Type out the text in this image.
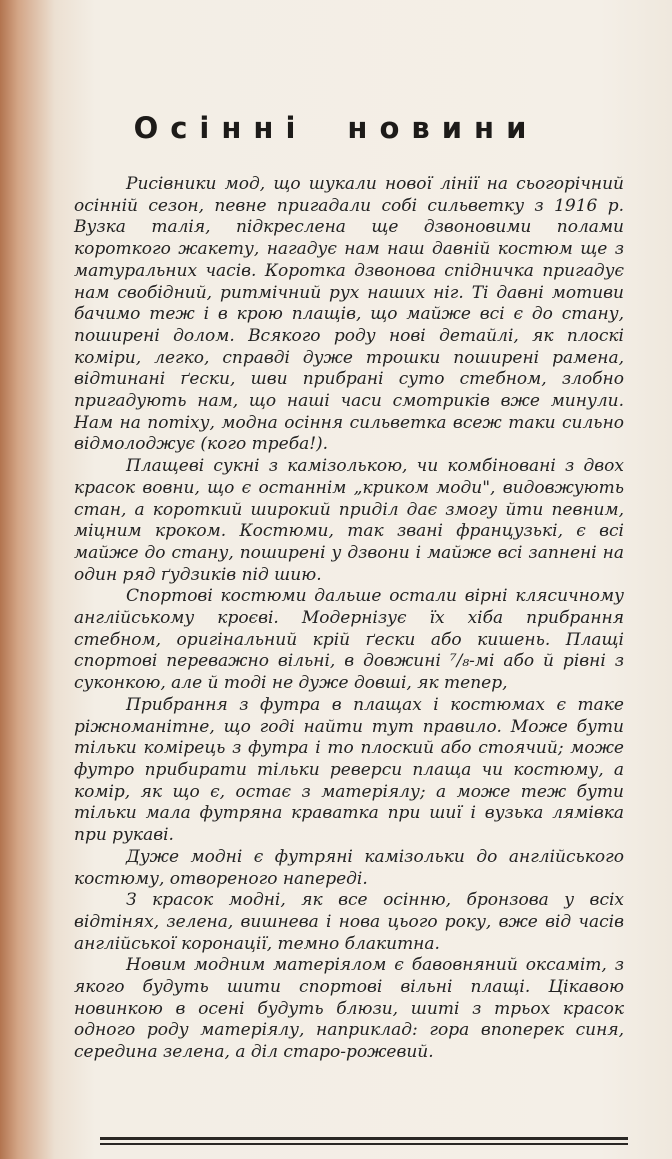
Осінні новини

Рисівники мод, що шукали нової лінії на сьогорічний осінній сезон, певне пригадали собі сильветку з 1916 р. Вузка талія, підкреслена ще дзвоновими полами короткого жакету, нагадує нам наш давній костюм ще з матуральних часів. Коротка дзвонова спідничка пригадує нам свобідний, ритмічний рух наших ніг. Ті давні мотиви бачимо теж і в крою плащів, що майже всі є до стану, поширені долом. Всякого роду нові детайлі, як плоскі коміри, легко, справді дуже трошки поширені рамена, відтинані ґески, шви прибрані суто стебном, злобно пригадують нам, що наші часи смотриків вже минули. Нам на потіху, модна осіння сильветка всеж таки сильно відмолоджує (кого треба!).

Плащеві сукні з камізолькою, чи комбіновані з двох красок вовни, що є останнім „криком моди", видовжують стан, а короткий широкий приділ дає змогу йти певним, міцним кроком. Костюми, так звані французькі, є всі майже до стану, поширені у дзвони і майже всі запнені на один ряд ґудзиків під шию.

Спортові костюми дальше остали вірні клясичному англійському кроєві. Модернізує їх хіба прибрання стебном, оригінальний крій ґески або кишень. Плащі спортові переважно вільні, в довжині ⁷/₈-мі або й рівні з суконкою, але й тоді не дуже довші, як тепер,

Прибрання з футра в плащах і костюмах є таке ріжноманітне, що годі найти тут правило. Може бути тільки комірець з футра і то плоский або стоячий; може футро прибирати тільки реверси плаща чи костюму, а комір, як що є, остає з матеріялу; а може теж бути тільки мала футряна краватка при шиї і вузька лямівка при рукаві.

Дуже модні є футряні камізольки до англійського костюму, отвореного напереді.

З красок модні, як все осінню, бронзова у всіх відтінях, зелена, вишнева і нова цього року, вже від часів англійської коронації, темно блакитна.

Новим модним матеріялом є бавовняний оксаміт, з якого будуть шити спортові вільні плащі. Цікавою новинкою в осені будуть блюзи, шиті з трьох красок одного роду матеріялу, наприклад: гора впоперек синя, середина зелена, а діл старо-рожевий.
